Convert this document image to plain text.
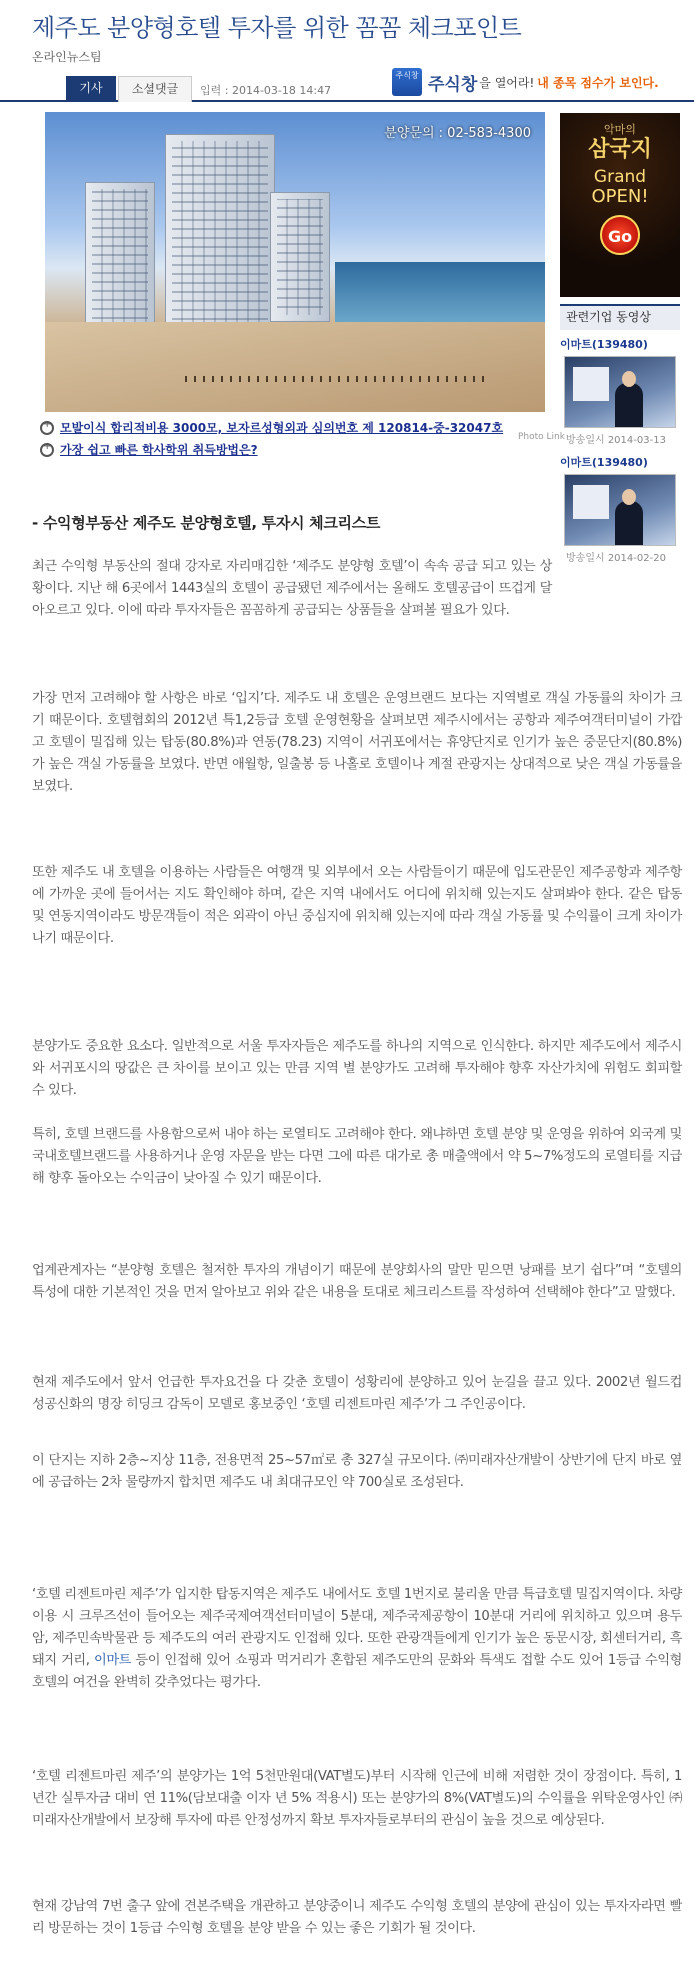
제주도 분양형호텔 투자를 위한 꼼꼼 체크포인트
온라인뉴스팀
기사	소셜댓글	입력 : 2014-03-18 14:47
주식창 주식창 을 열어라! 내 종목 점수가 보인다.
분양문의 : 02-583-4300
+
모발이식 합리적비용 3000모, 보자르성형외과 심의번호 제 120814-중-32047호
+
가장 쉽고 빠른 학사학위 취득방법은?
Photo Link
악마의
삼국지
Grand
OPEN!
Go
관련기업 동영상
이마트(139480)
방송일시 2014-03-13
이마트(139480)
방송일시 2014-02-20
- 수익형부동산 제주도 분양형호텔, 투자시 체크리스트
최근 수익형 부동산의 절대 강자로 자리매김한 ‘제주도 분양형 호텔’이 속속 공급 되고 있는 상황이다. 지난 해 6곳에서 1443실의 호텔이 공급됐던 제주에서는 올해도 호텔공급이 뜨겁게 달아오르고 있다. 이에 따라 투자자들은 꼼꼼하게 공급되는 상품들을 살펴볼 필요가 있다.
가장 먼저 고려해야 할 사항은 바로 ‘입지’다. 제주도 내 호텔은 운영브랜드 보다는 지역별로 객실 가동률의 차이가 크기 때문이다. 호텔협회의 2012년 특1,2등급 호텔 운영현황을 살펴보면 제주시에서는 공항과 제주여객터미널이 가깝고 호텔이 밀집해 있는 탑동(80.8%)과 연동(78.23) 지역이 서귀포에서는 휴양단지로 인기가 높은 중문단지(80.8%)가 높은 객실 가동률을 보였다. 반면 애월항, 일출봉 등 나홀로 호텔이나 계절 관광지는 상대적으로 낮은 객실 가동률을 보였다.
또한 제주도 내 호텔을 이용하는 사람들은 여행객 및 외부에서 오는 사람들이기 때문에 입도관문인 제주공항과 제주항에 가까운 곳에 들어서는 지도 확인해야 하며, 같은 지역 내에서도 어디에 위치해 있는지도 살펴봐야 한다. 같은 탑동 및 연동지역이라도 방문객들이 적은 외곽이 아닌 중심지에 위치해 있는지에 따라 객실 가동률 및 수익률이 크게 차이가 나기 때문이다.
분양가도 중요한 요소다. 일반적으로 서울 투자자들은 제주도를 하나의 지역으로 인식한다. 하지만 제주도에서 제주시와 서귀포시의 땅값은 큰 차이를 보이고 있는 만큼 지역 별 분양가도 고려해 투자해야 향후 자산가치에 위험도 회피할 수 있다.
특히, 호텔 브랜드를 사용함으로써 내야 하는 로열티도 고려해야 한다. 왜냐하면 호텔 분양 및 운영을 위하여 외국계 및 국내호텔브랜드를 사용하거나 운영 자문을 받는 다면 그에 따른 대가로 총 매출액에서 약 5~7%정도의 로열티를 지급해 향후 돌아오는 수익금이 낮아질 수 있기 때문이다.
업계관계자는 “분양형 호텔은 철저한 투자의 개념이기 때문에 분양회사의 말만 믿으면 낭패를 보기 쉽다”며 “호텔의 특성에 대한 기본적인 것을 먼저 알아보고 위와 같은 내용을 토대로 체크리스트를 작성하여 선택해야 한다”고 말했다.
현재 제주도에서 앞서 언급한 투자요건을 다 갖춘 호텔이 성황리에 분양하고 있어 눈길을 끌고 있다. 2002년 월드컵 성공신화의 명장 히딩크 감독이 모델로 홍보중인 ‘호텔 리젠트마린 제주’가 그 주인공이다.
이 단지는 지하 2층~지상 11층, 전용면적 25~57㎡로 총 327실 규모이다. ㈜미래자산개발이 상반기에 단지 바로 옆에 공급하는 2차 물량까지 합치면 제주도 내 최대규모인 약 700실로 조성된다.
‘호텔 리젠트마린 제주’가 입지한 탑동지역은 제주도 내에서도 호텔 1번지로 불리울 만큼 특급호텔 밀집지역이다. 차량 이용 시 크루즈선이 들어오는 제주국제여객선터미널이 5분대, 제주국제공항이 10분대 거리에 위치하고 있으며 용두암, 제주민속박물관 등 제주도의 여러 관광지도 인접해 있다. 또한 관광객들에게 인기가 높은 동문시장, 회센터거리, 흑돼지 거리, 이마트 등이 인접해 있어 쇼핑과 먹거리가 혼합된 제주도만의 문화와 특색도 접할 수도 있어 1등급 수익형 호텔의 여건을 완벽히 갖추었다는 평가다.
‘호텔 리젠트마린 제주’의 분양가는 1억 5천만원대(VAT별도)부터 시작해 인근에 비해 저렴한 것이 장점이다. 특히, 1년간 실투자금 대비 연 11%(담보대출 이자 년 5% 적용시) 또는 분양가의 8%(VAT별도)의 수익률을 위탁운영사인 ㈜미래자산개발에서 보장해 투자에 따른 안정성까지 확보 투자자들로부터의 관심이 높을 것으로 예상된다.
현재 강남역 7번 출구 앞에 견본주택을 개관하고 분양중이니 제주도 수익형 호텔의 분양에 관심이 있는 투자자라면 빨리 방문하는 것이 1등급 수익형 호텔을 분양 받을 수 있는 좋은 기회가 될 것이다.
